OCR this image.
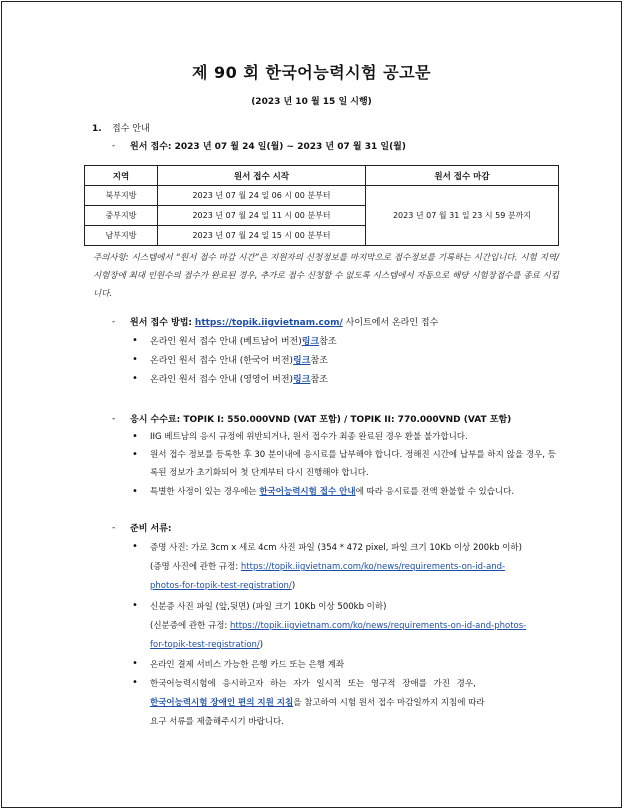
제 90 회 한국어능력시험 공고문
(2023 년 10 월 15 일 시행)
1. 접수 안내
- 원서 접수: 2023 년 07 월 24 일(월) ~ 2023 년 07 월 31 일(월)
지역	원서 접수 시작	원서 접수 마감
북부지방	2023 년 07 월 24 일 06 시 00 분부터	2023 년 07 월 31 일 23 시 59 분까지
중부지방	2023 년 07 월 24 일 11 시 00 분부터	
남부지방	2023 년 07 월 24 일 15 시 00 분부터	
주의사항: 시스템에서 “원서 접수 마감 시간”은 지원자의 신청정보를 마지막으로 접수정보를 기록하는 시간입니다. 시험 지역/시험장에 최대 인원수의 접수가 완료된 경우, 추가로 접수 신청할 수 없도록 시스템에서 자동으로 해당 시험장접수를 종료 시킵니다.
- 원서 접수 방법: https://topik.iigvietnam.com/ 사이트에서 온라인 접수
• 온라인 원서 접수 안내 (베트남어 버전)링크참조
• 온라인 원서 접수 안내 (한국어 버전)링크참조
• 온라인 원서 접수 안내 (영영어 버전)링크참조
- 응시 수수료: TOPIK I: 550.000VND (VAT 포함) / TOPIK II: 770.000VND (VAT 포함)
• IIG 베트남의 응시 규정에 위반되거나, 원서 접수가 최종 완료된 경우 환불 불가합니다.
• 원서 접수 정보를 등록한 후 30 분이내에 응시료를 납부해야 합니다. 정해진 시간에 납부를 하지 않을 경우, 등록된 정보가 초기화되어 첫 단계부터 다시 진행해야 합니다.
• 특별한 사정이 있는 경우에는 한국어능력시험 접수 안내에 따라 응시료를 전액 환불할 수 있습니다.
- 준비 서류:
• 증명 사진: 가로 3cm x 세로 4cm 사진 파일 (354 * 472 pixel, 파일 크기 10Kb 이상 200kb 이하)
(증명 사진에 관한 규정: https://topik.iigvietnam.com/ko/news/requirements-on-id-and-
photos-for-topik-test-registration/)
• 신분증 사진 파일 (앞,뒷면) (파일 크기 10Kb 이상 500kb 이하)
(신분증에 관한 규정: https://topik.iigvietnam.com/ko/news/requirements-on-id-and-photos-
for-topik-test-registration/)
• 온라인 결제 서비스 가능한 은행 카드 또는 은행 계좌
• 한국어능력시험에 응시하고자 하는 자가 일시적 또는 영구적 장애를 가진 경우,
한국어능력시험 장애인 편의 지원 지침을 참고하여 시험 원서 접수 마감일까지 지침에 따라
요구 서류를 제출해주시기 바랍니다.
